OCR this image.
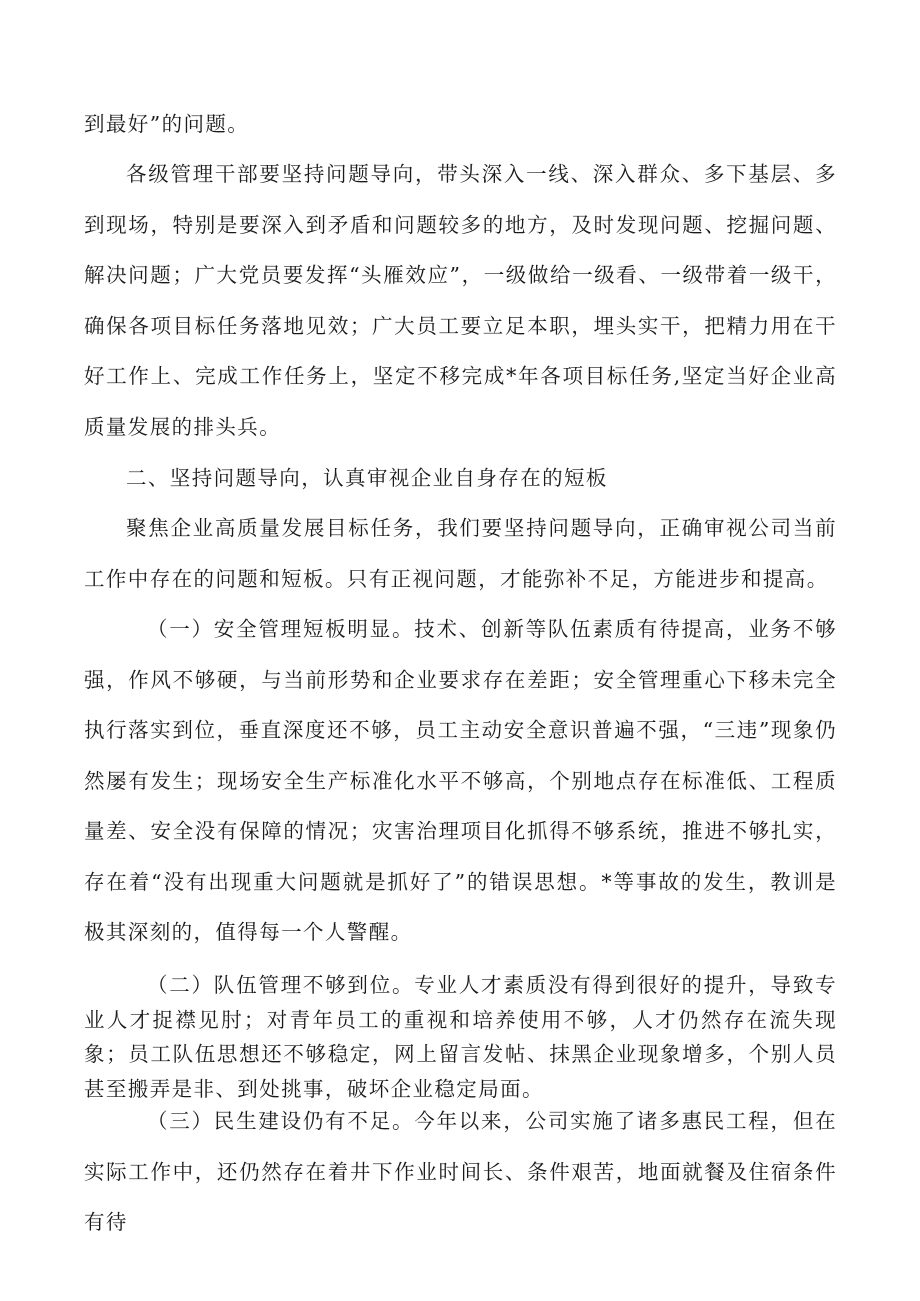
到最好”的问题。

各级管理干部要坚持问题导向，带头深入一线、深入群众、多下基层、多到现场，特别是要深入到矛盾和问题较多的地方，及时发现问题、挖掘问题、解决问题；广大党员要发挥“头雁效应”，一级做给一级看、一级带着一级干，确保各项目标任务落地见效；广大员工要立足本职，埋头实干，把精力用在干好工作上、完成工作任务上，坚定不移完成*年各项目标任务,坚定当好企业高质量发展的排头兵。

二、坚持问题导向，认真审视企业自身存在的短板

聚焦企业高质量发展目标任务，我们要坚持问题导向，正确审视公司当前工作中存在的问题和短板。只有正视问题，才能弥补不足，方能进步和提高。

（一）安全管理短板明显。技术、创新等队伍素质有待提高，业务不够强，作风不够硬，与当前形势和企业要求存在差距；安全管理重心下移未完全执行落实到位，垂直深度还不够，员工主动安全意识普遍不强，“三违”现象仍然屡有发生；现场安全生产标准化水平不够高，个别地点存在标准低、工程质量差、安全没有保障的情况；灾害治理项目化抓得不够系统，推进不够扎实，存在着“没有出现重大问题就是抓好了”的错误思想。*等事故的发生，教训是极其深刻的，值得每一个人警醒。

（二）队伍管理不够到位。专业人才素质没有得到很好的提升，导致专业人才捉襟见肘；对青年员工的重视和培养使用不够，人才仍然存在流失现象；员工队伍思想还不够稳定，网上留言发帖、抹黑企业现象增多，个别人员甚至搬弄是非、到处挑事，破坏企业稳定局面。

（三）民生建设仍有不足。今年以来，公司实施了诸多惠民工程，但在实际工作中，还仍然存在着井下作业时间长、条件艰苦，地面就餐及住宿条件有待
